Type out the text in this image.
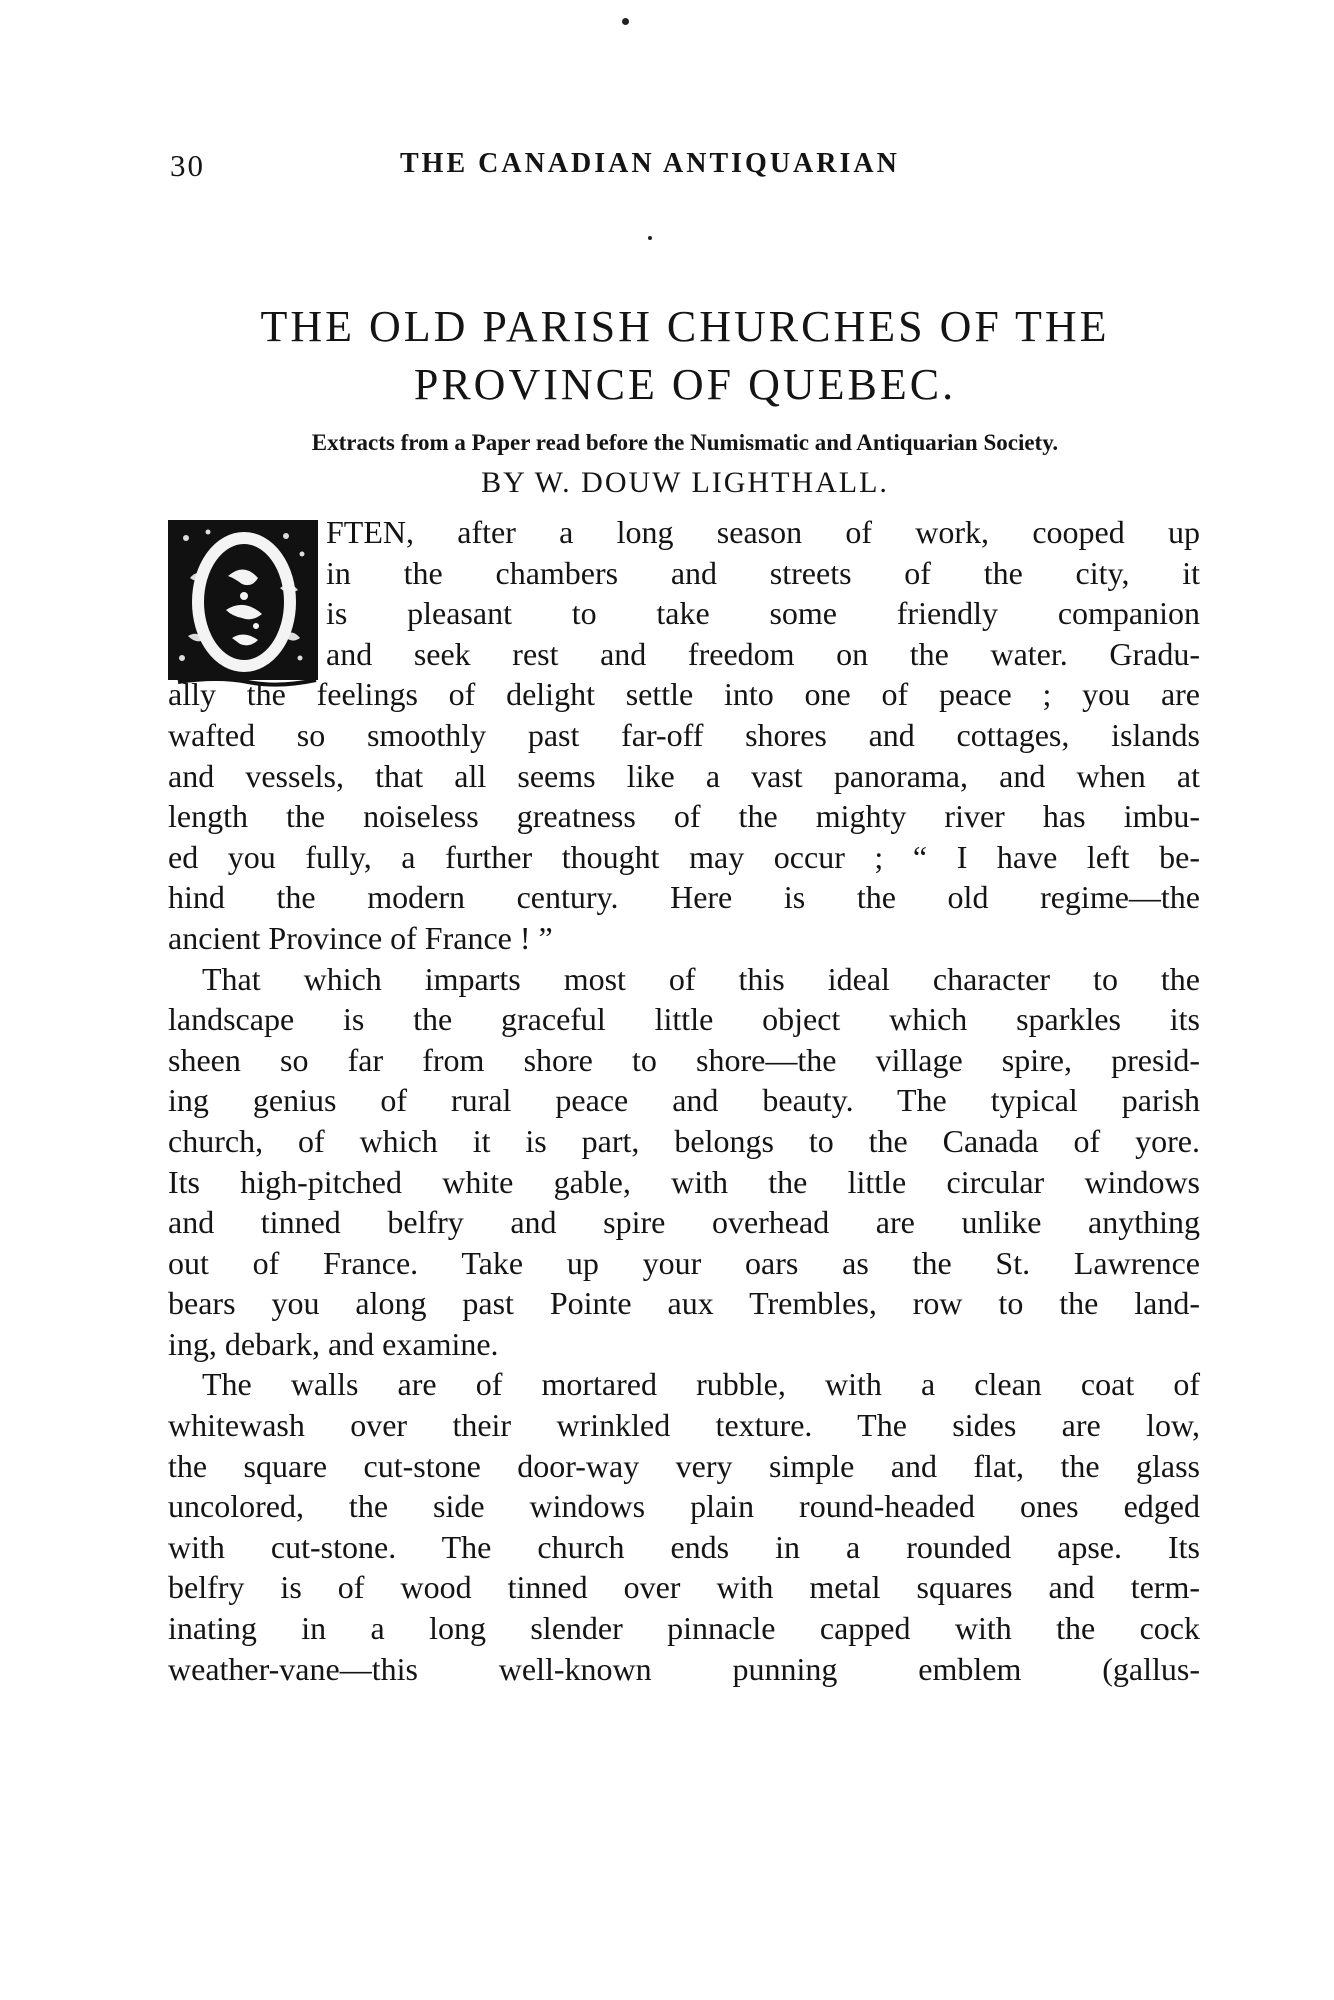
30	THE CANADIAN ANTIQUARIAN
THE OLD PARISH CHURCHES OF THE
PROVINCE OF QUEBEC.

Extracts from a Paper read before the Numismatic and Antiquarian Society.

BY W. DOUW LIGHTHALL.

FTEN, after a long season of work, cooped up
in the chambers and streets of the city, it
is pleasant to take some friendly companion
and seek rest and freedom on the water. Gradu-
ally the feelings of delight settle into one of peace ; you are
wafted so smoothly past far-off shores and cottages, islands
and vessels, that all seems like a vast panorama, and when at
length the noiseless greatness of the mighty river has imbu-
ed you fully, a further thought may occur ; “ I have left be-
hind the modern century. Here is the old regime—the
ancient Province of France ! ”
That which imparts most of this ideal character to the
landscape is the graceful little object which sparkles its
sheen so far from shore to shore—the village spire, presid-
ing genius of rural peace and beauty. The typical parish
church, of which it is part, belongs to the Canada of yore.
Its high-pitched white gable, with the little circular windows
and tinned belfry and spire overhead are unlike anything
out of France. Take up your oars as the St. Lawrence
bears you along past Pointe aux Trembles, row to the land-
ing, debark, and examine.
The walls are of mortared rubble, with a clean coat of
whitewash over their wrinkled texture. The sides are low,
the square cut-stone door-way very simple and flat, the glass
uncolored, the side windows plain round-headed ones edged
with cut-stone. The church ends in a rounded apse. Its
belfry is of wood tinned over with metal squares and term-
inating in a long slender pinnacle capped with the cock
weather-vane—this well-known punning emblem (gallus-
